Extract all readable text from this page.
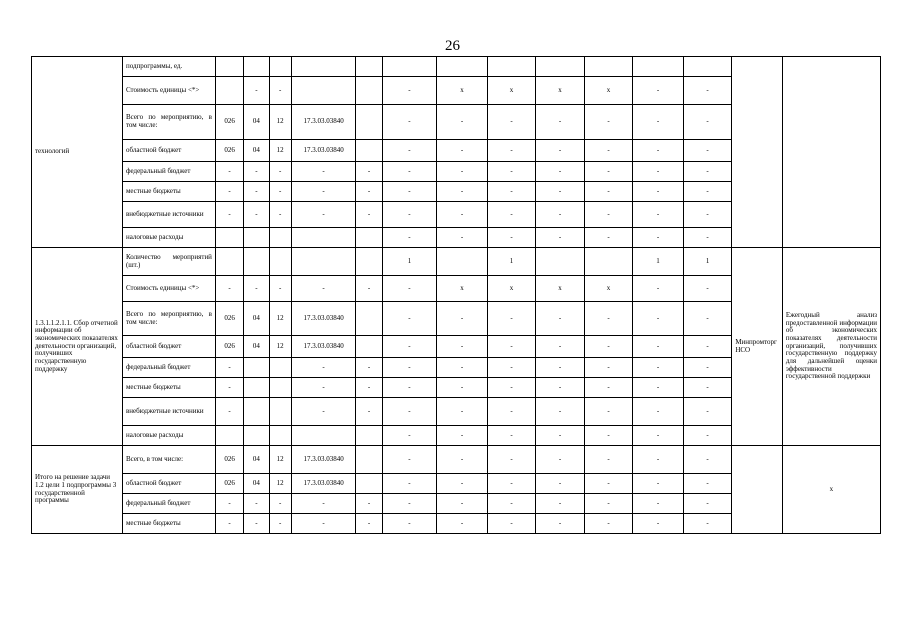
26
технологий	подпрограммы, ед.														
	Стоимость единицы <*>		-	-			-	x	x	x	x	-	-		
	Всего по мероприятию, в том числе:	026	04	12	17.3.03.03840		-	-	-	-	-	-	-		
	областной бюджет	026	04	12	17.3.03.03840		-	-	-	-	-	-	-		
	федеральный бюджет	-	-	-	-	-	-	-	-	-	-	-	-		
	местные бюджеты	-	-	-	-	-	-	-	-	-	-	-	-		
	внебюджетные источники	-	-	-	-	-	-	-	-	-	-	-	-		
	налоговые расходы						-	-	-	-	-	-	-		
1.3.1.1.2.1.1. Сбор отчетной информации об экономических показателях деятельности организаций, получивших государственную поддержку	Количество мероприятий (шт.)						1		1			1	1	Минпромторг НСО	Ежегодный анализ предоставленной информации об экономических показателях деятельности организаций, получивших государственную поддержку для дальнейшей оценки эффективности государственной поддержки
	Стоимость единицы <*>	-	-	-	-	-	-	x	x	x	x	-	-		
	Всего по мероприятию, в том числе:	026	04	12	17.3.03.03840		-	-	-	-	-	-	-		
	областной бюджет	026	04	12	17.3.03.03840		-	-	-	-	-	-	-		
	федеральный бюджет	-			-	-	-	-	-	-	-	-	-		
	местные бюджеты	-			-	-	-	-	-	-	-	-	-		
	внебюджетные источники	-			-	-	-	-	-	-	-	-	-		
	налоговые расходы						-	-	-	-	-	-	-		
Итого на решение задачи 1.2 цели 1 подпрограммы 3 государственной программы	Всего, в том числе:	026	04	12	17.3.03.03840		-	-	-	-	-	-	-		x
	областной бюджет	026	04	12	17.3.03.03840		-	-	-	-	-	-	-		
	федеральный бюджет	-	-	-	-	-	-	-	-	-	-	-	-		
	местные бюджеты	-	-	-	-	-	-	-	-	-	-	-	-		
